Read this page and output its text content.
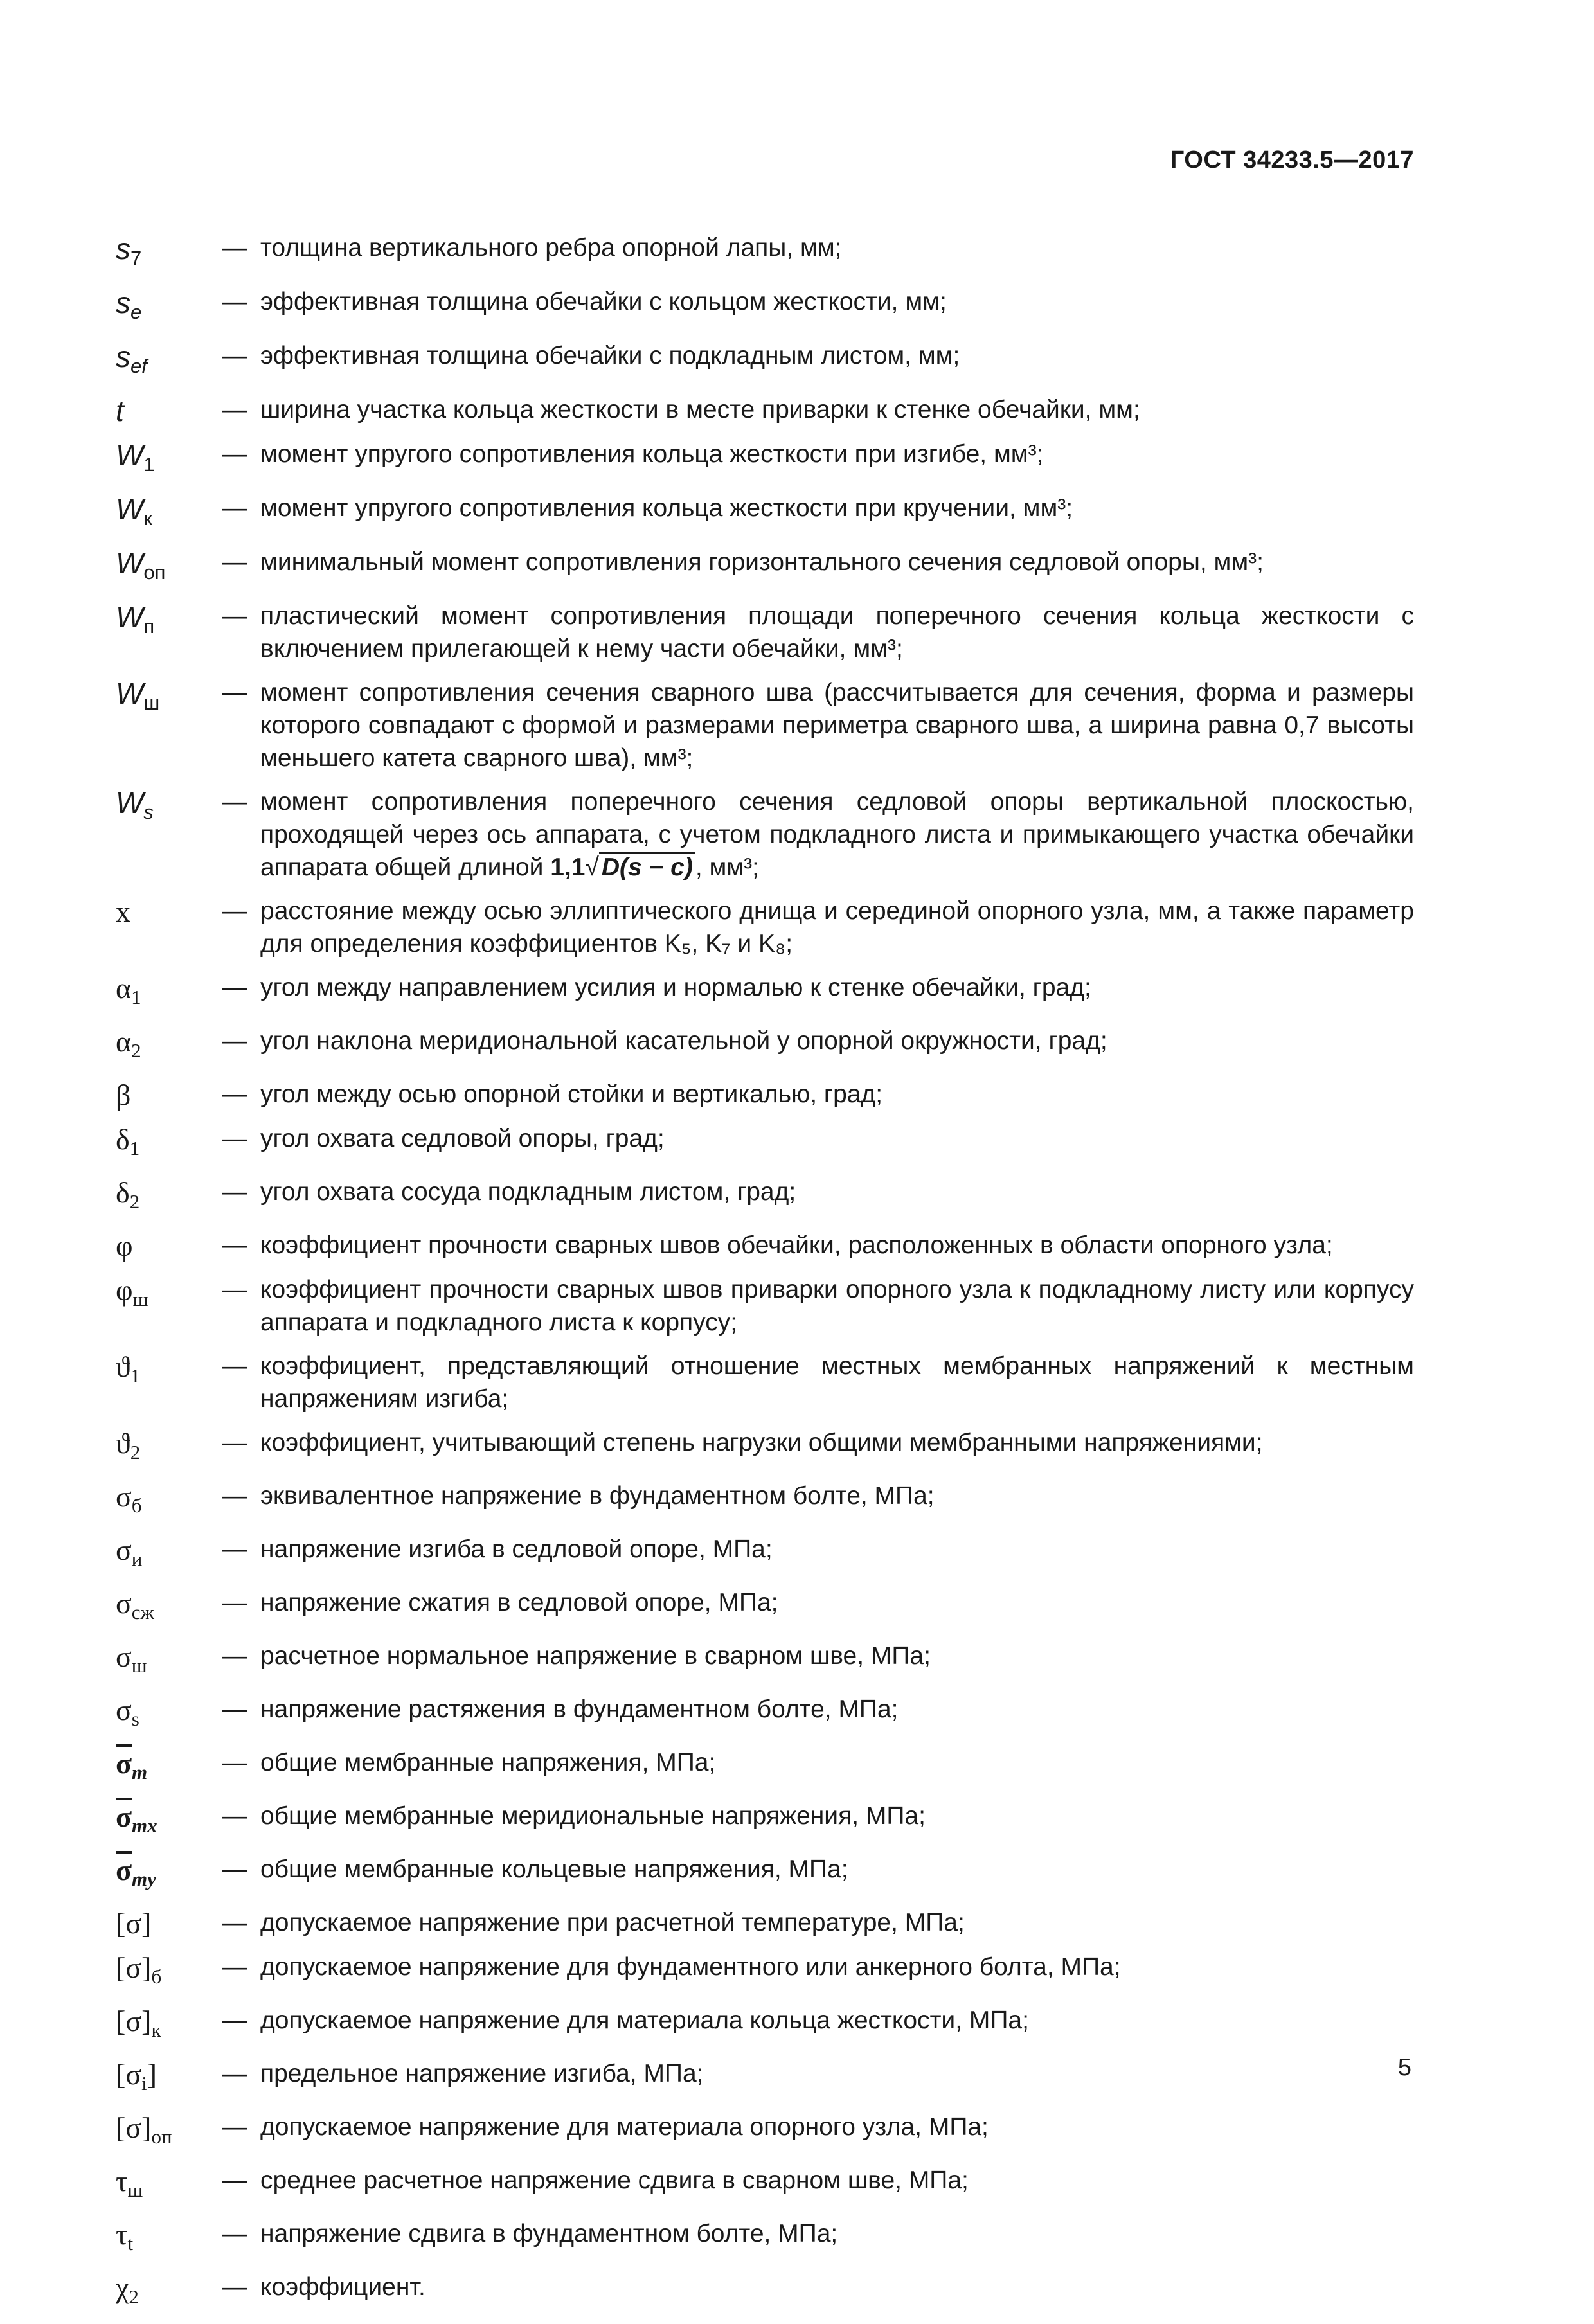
ГОСТ 34233.5—2017
$s_7$	— толщина вертикального ребра опорной лапы, мм;
$s_e$	— эффективная толщина обечайки с кольцом жесткости, мм;
$s_{ef}$	— эффективная толщина обечайки с подкладным листом, мм;
t	— ширина участка кольца жесткости в месте приварки к стенке обечайки, мм;
$W_1$	— момент упругого сопротивления кольца жесткости при изгибе, мм³;
$W_к$	— момент упругого сопротивления кольца жесткости при кручении, мм³;
$W_{оп}$	— минимальный момент сопротивления горизонтального сечения седловой опоры, мм³;
$W_п$	— пластический момент сопротивления площади поперечного сечения кольца жесткости с включением прилегающей к нему части обечайки, мм³;
$W_ш$	— момент сопротивления сечения сварного шва (рассчитывается для сечения, форма и размеры которого совпадают с формой и размерами периметра сварного шва, а ширина равна 0,7 высоты меньшего катета сварного шва), мм³;
$W_s$	— момент сопротивления поперечного сечения седловой опоры вертикальной плоскостью, проходящей через ось аппарата, с учетом подкладного листа и примыкающего участка обечайки аппарата общей длиной 1,1√ D(s − c) , мм³;
x	— расстояние между осью эллиптического днища и серединой опорного узла, мм, а также параметр для определения коэффициентов K₅, K₇ и K₈;
$\alpha_1$	— угол между направлением усилия и нормалью к стенке обечайки, град;
$\alpha_2$	— угол наклона меридиональной касательной у опорной окружности, град;
β	— угол между осью опорной стойки и вертикалью, град;
$\delta_1$	— угол охвата седловой опоры, град;
$\delta_2$	— угол охвата сосуда подкладным листом, град;
φ	— коэффициент прочности сварных швов обечайки, расположенных в области опорного узла;
$\varphi_ш$	— коэффициент прочности сварных швов приварки опорного узла к подкладному листу или корпусу аппарата и подкладного листа к корпусу;
$ϑ_1$	— коэффициент, представляющий отношение местных мембранных напряжений к местным напряжениям изгиба;
$ϑ_2$	— коэффициент, учитывающий степень нагрузки общими мембранными напряжениями;
$\sigma_б$	— эквивалентное напряжение в фундаментном болте, МПа;
$\sigma_и$	— напряжение изгиба в седловой опоре, МПа;
$\sigma_{сж}$	— напряжение сжатия в седловой опоре, МПа;
$\sigma_ш$	— расчетное нормальное напряжение в сварном шве, МПа;
$\sigma_s$	— напряжение растяжения в фундаментном болте, МПа;
$\overline{\sigma}_m$	— общие мембранные напряжения, МПа;
$\overline{\sigma}_{mx}$	— общие мембранные меридиональные напряжения, МПа;
$\overline{\sigma}_{my}$	— общие мембранные кольцевые напряжения, МПа;
[σ]	— допускаемое напряжение при расчетной температуре, МПа;
$[\sigma]_б$	— допускаемое напряжение для фундаментного или анкерного болта, МПа;
$[\sigma]_к$	— допускаемое напряжение для материала кольца жесткости, МПа;
$[\sigma_i]$	— предельное напряжение изгиба, МПа;
$[\sigma]_{оп}$	— допускаемое напряжение для материала опорного узла, МПа;
$\tau_ш$	— среднее расчетное напряжение сдвига в сварном шве, МПа;
$\tau_t$	— напряжение сдвига в фундаментном болте, МПа;
$\chi_2$	— коэффициент.
5
